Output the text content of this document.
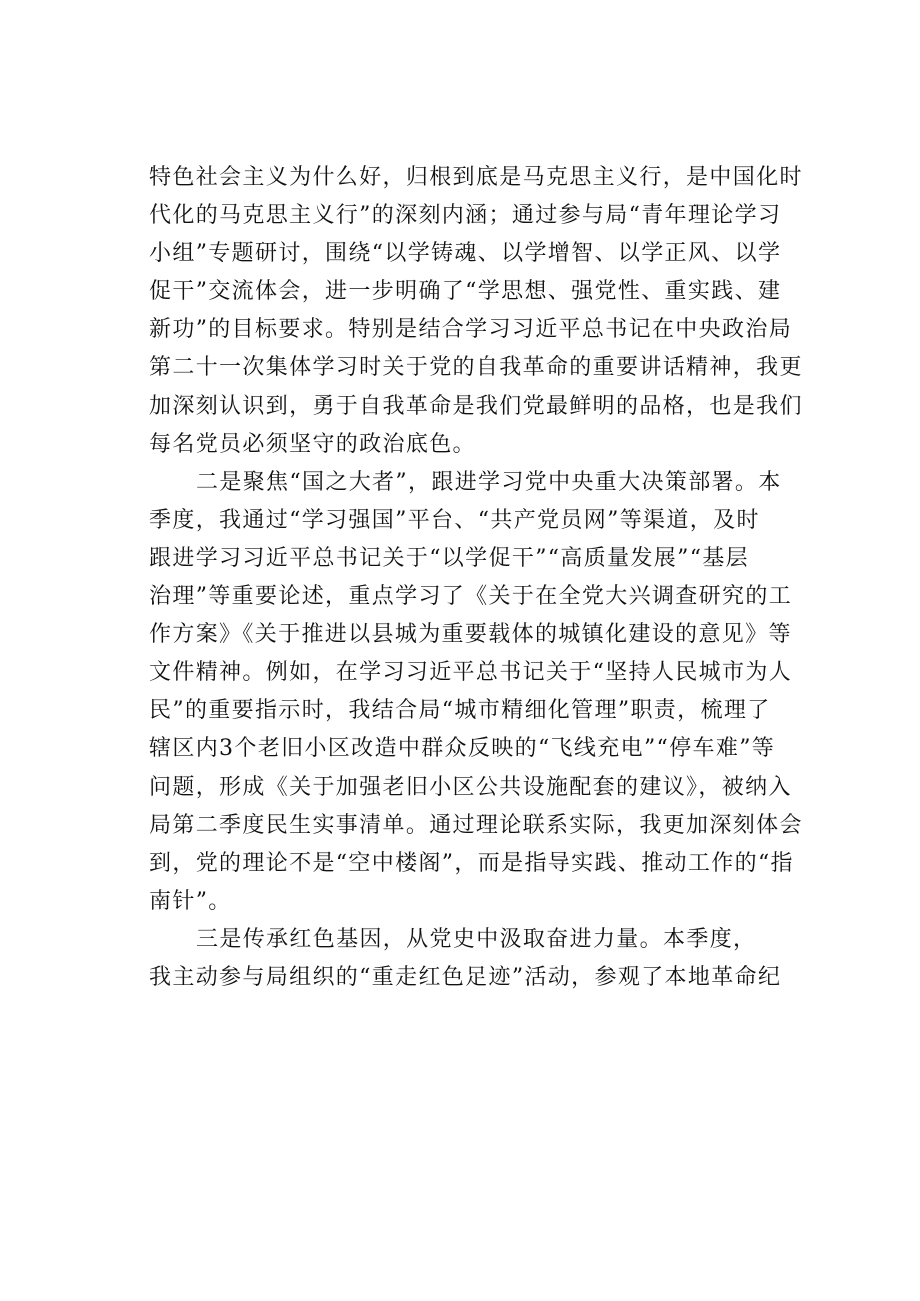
特色社会主义为什么好，归根到底是马克思主义行，是中国化时
代化的马克思主义行”的深刻内涵；通过参与局“青年理论学习
小组”专题研讨，围绕“以学铸魂、以学增智、以学正风、以学
促干”交流体会，进一步明确了“学思想、强党性、重实践、建
新功”的目标要求。特别是结合学习习近平总书记在中央政治局
第二十一次集体学习时关于党的自我革命的重要讲话精神，我更
加深刻认识到，勇于自我革命是我们党最鲜明的品格，也是我们
每名党员必须坚守的政治底色。
二是聚焦“国之大者”，跟进学习党中央重大决策部署。本
季度，我通过“学习强国”平台、“共产党员网”等渠道，及时
跟进学习习近平总书记关于“以学促干”“高质量发展”“基层
治理”等重要论述，重点学习了《关于在全党大兴调查研究的工
作方案》《关于推进以县城为重要载体的城镇化建设的意见》等
文件精神。例如，在学习习近平总书记关于“坚持人民城市为人
民”的重要指示时，我结合局“城市精细化管理”职责，梳理了
辖区内3个老旧小区改造中群众反映的“飞线充电”“停车难”等
问题，形成《关于加强老旧小区公共设施配套的建议》，被纳入
局第二季度民生实事清单。通过理论联系实际，我更加深刻体会
到，党的理论不是“空中楼阁”，而是指导实践、推动工作的“指
南针”。
三是传承红色基因，从党史中汲取奋进力量。本季度，
我主动参与局组织的“重走红色足迹”活动，参观了本地革命纪
